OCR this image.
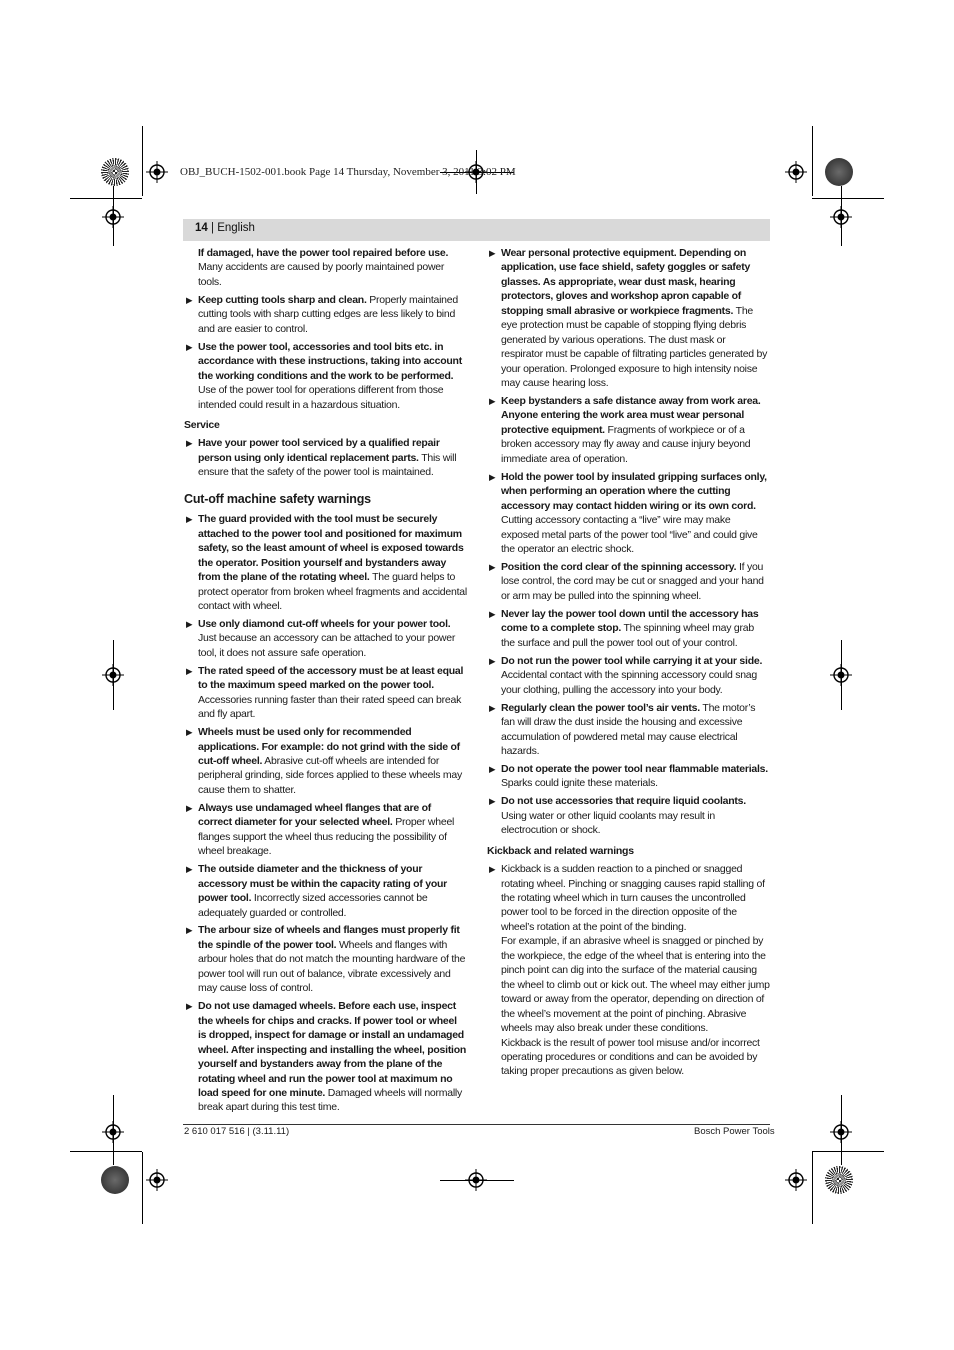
OBJ_BUCH-1502-001.book Page 14 Thursday, November 3, 2011 3:02 PM
14 | English
If damaged, have the power tool repaired before use. Many accidents are caused by poorly maintained power tools.
▶ Keep cutting tools sharp and clean. Properly maintained cutting tools with sharp cutting edges are less likely to bind and are easier to control.
▶ Use the power tool, accessories and tool bits etc. in accordance with these instructions, taking into account the working conditions and the work to be performed. Use of the power tool for operations different from those intended could result in a hazardous situation.
Service
▶ Have your power tool serviced by a qualified repair person using only identical replacement parts. This will ensure that the safety of the power tool is maintained.
Cut-off machine safety warnings
▶ The guard provided with the tool must be securely attached to the power tool and positioned for maximum safety, so the least amount of wheel is exposed towards the operator. Position yourself and bystanders away from the plane of the rotating wheel. The guard helps to protect operator from broken wheel fragments and accidental contact with wheel.
▶ Use only diamond cut-off wheels for your power tool. Just because an accessory can be attached to your power tool, it does not assure safe operation.
▶ The rated speed of the accessory must be at least equal to the maximum speed marked on the power tool. Accessories running faster than their rated speed can break and fly apart.
▶ Wheels must be used only for recommended applications. For example: do not grind with the side of cut-off wheel. Abrasive cut-off wheels are intended for peripheral grinding, side forces applied to these wheels may cause them to shatter.
▶ Always use undamaged wheel flanges that are of correct diameter for your selected wheel. Proper wheel flanges support the wheel thus reducing the possibility of wheel breakage.
▶ The outside diameter and the thickness of your accessory must be within the capacity rating of your power tool. Incorrectly sized accessories cannot be adequately guarded or controlled.
▶ The arbour size of wheels and flanges must properly fit the spindle of the power tool. Wheels and flanges with arbour holes that do not match the mounting hardware of the power tool will run out of balance, vibrate excessively and may cause loss of control.
▶ Do not use damaged wheels. Before each use, inspect the wheels for chips and cracks. If power tool or wheel is dropped, inspect for damage or install an undamaged wheel. After inspecting and installing the wheel, position yourself and bystanders away from the plane of the rotating wheel and run the power tool at maximum no load speed for one minute. Damaged wheels will normally break apart during this test time.
▶ Wear personal protective equipment. Depending on application, use face shield, safety goggles or safety glasses. As appropriate, wear dust mask, hearing protectors, gloves and workshop apron capable of stopping small abrasive or workpiece fragments. The eye protection must be capable of stopping flying debris generated by various operations. The dust mask or respirator must be capable of filtrating particles generated by your operation. Prolonged exposure to high intensity noise may cause hearing loss.
▶ Keep bystanders a safe distance away from work area. Anyone entering the work area must wear personal protective equipment. Fragments of workpiece or of a broken accessory may fly away and cause injury beyond immediate area of operation.
▶ Hold the power tool by insulated gripping surfaces only, when performing an operation where the cutting accessory may contact hidden wiring or its own cord. Cutting accessory contacting a “live” wire may make exposed metal parts of the power tool “live” and could give the operator an electric shock.
▶ Position the cord clear of the spinning accessory. If you lose control, the cord may be cut or snagged and your hand or arm may be pulled into the spinning wheel.
▶ Never lay the power tool down until the accessory has come to a complete stop. The spinning wheel may grab the surface and pull the power tool out of your control.
▶ Do not run the power tool while carrying it at your side. Accidental contact with the spinning accessory could snag your clothing, pulling the accessory into your body.
▶ Regularly clean the power tool’s air vents. The motor’s fan will draw the dust inside the housing and excessive accumulation of powdered metal may cause electrical hazards.
▶ Do not operate the power tool near flammable materials. Sparks could ignite these materials.
▶ Do not use accessories that require liquid coolants. Using water or other liquid coolants may result in electrocution or shock.
Kickback and related warnings
▶ Kickback is a sudden reaction to a pinched or snagged rotating wheel. Pinching or snagging causes rapid stalling of the rotating wheel which in turn causes the uncontrolled power tool to be forced in the direction opposite of the wheel’s rotation at the point of the binding.
For example, if an abrasive wheel is snagged or pinched by the workpiece, the edge of the wheel that is entering into the pinch point can dig into the surface of the material causing the wheel to climb out or kick out. The wheel may either jump toward or away from the operator, depending on direction of the wheel’s movement at the point of pinching. Abrasive wheels may also break under these conditions.
Kickback is the result of power tool misuse and/or incorrect operating procedures or conditions and can be avoided by taking proper precautions as given below.
2 610 017 516 | (3.11.11)	Bosch Power Tools
